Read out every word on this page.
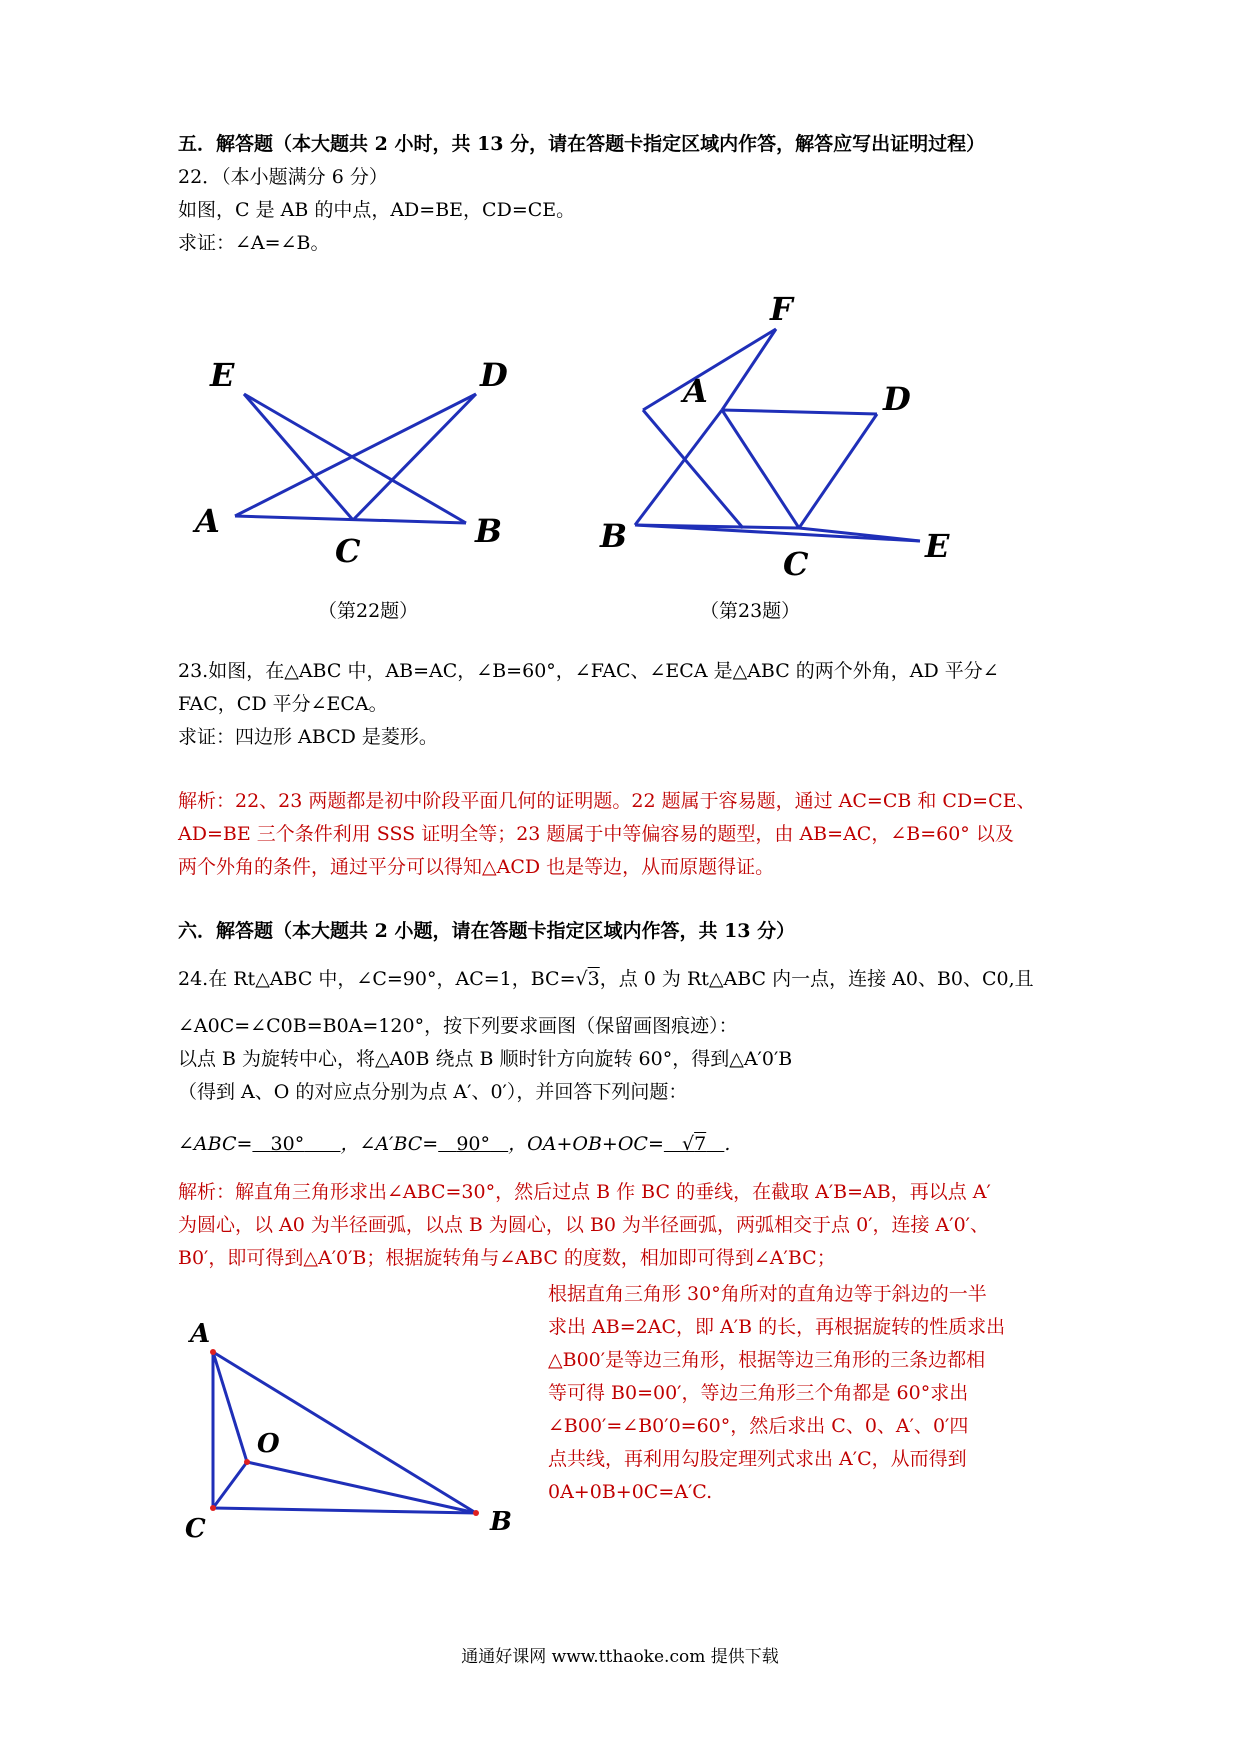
五．解答题（本大题共 2 小时，共 13 分，请在答题卡指定区域内作答，解答应写出证明过程）
22．（本小题满分 6 分）
如图，C 是 AB 的中点，AD=BE，CD=CE。
求证：∠A=∠B。
E	D
A	B
C
（第22题）
F
A	D
B
C	E
（第23题）
23.如图，在△ABC 中，AB=AC，∠B=60°，∠FAC、∠ECA 是△ABC 的两个外角，AD 平分∠
FAC，CD 平分∠ECA。
求证：四边形 ABCD 是菱形。
解析：22、23 两题都是初中阶段平面几何的证明题。22 题属于容易题，通过 AC=CB 和 CD=CE、
AD=BE 三个条件利用 SSS 证明全等；23 题属于中等偏容易的题型，由 AB=AC，∠B=60° 以及
两个外角的条件，通过平分可以得知△ACD 也是等边，从而原题得证。
六．解答题（本大题共 2 小题，请在答题卡指定区域内作答，共 13 分）
24.在 Rt△ABC 中，∠C=90°，AC=1，BC=√3，点 0 为 Rt△ABC 内一点，连接 A0、B0、C0,且
∠A0C=∠C0B=B0A=120°，按下列要求画图（保留画图痕迹）：
以点 B 为旋转中心，将△A0B 绕点 B 顺时针方向旋转 60°，得到△A′0′B
（得到 A、O 的对应点分别为点 A′、0′），并回答下列问题：
∠ABC= 30° ，∠A′BC= 90° ，OA+OB+OC= √7 .
解析：解直角三角形求出∠ABC=30°，然后过点 B 作 BC 的垂线，在截取 A′B=AB，再以点 A′
为圆心，以 A0 为半径画弧，以点 B 为圆心，以 B0 为半径画弧，两弧相交于点 0′，连接 A′0′、
B0′，即可得到△A′0′B；根据旋转角与∠ABC 的度数，相加即可得到∠A′BC；
根据直角三角形 30°角所对的直角边等于斜边的一半
求出 AB=2AC，即 A′B 的长，再根据旋转的性质求出
△B00′是等边三角形，根据等边三角形的三条边都相
等可得 B0=00′，等边三角形三个角都是 60°求出
∠B00′=∠B0′0=60°，然后求出 C、0、A′、0′四
点共线，再利用勾股定理列式求出 A′C，从而得到
0A+0B+0C=A′C.
A
O
C	B
通通好课网 www.tthaoke.com 提供下载
